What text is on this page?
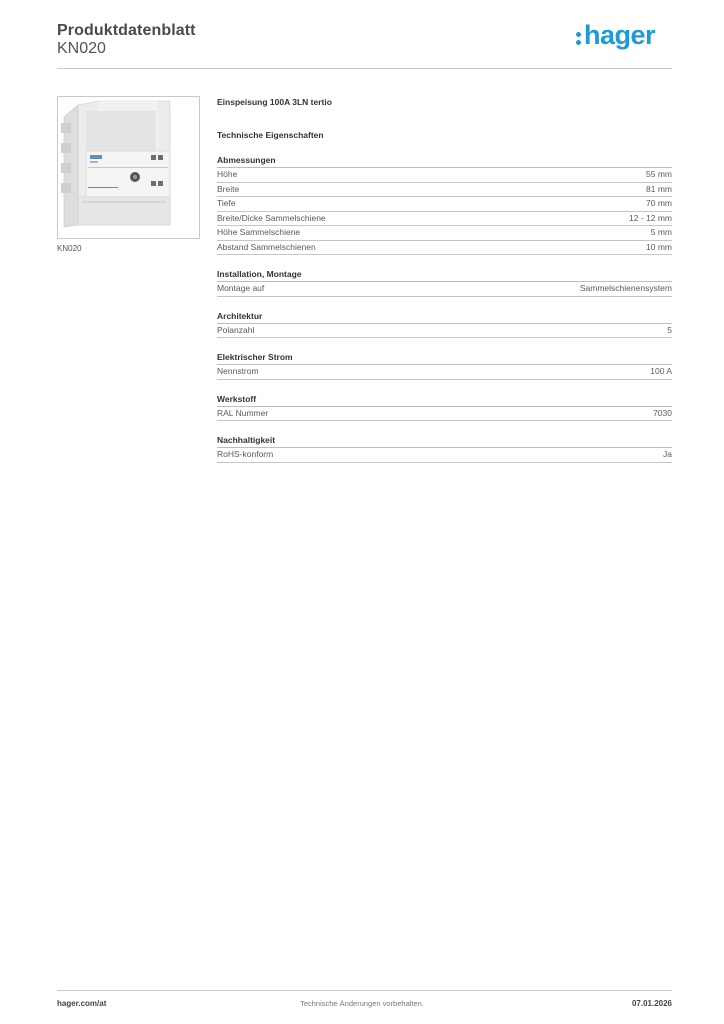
Produktdatenblatt
KN020	hager
KN020
Einspeisung 100A 3LN tertio
Technische Eigenschaften
Abmessungen
Höhe	55 mm
Breite	81 mm
Tiefe	70 mm
Breite/Dicke Sammelschiene	12 - 12 mm
Höhe Sammelschiene	5 mm
Abstand Sammelschienen	10 mm
Installation, Montage
Montage auf	Sammelschienensystem
Architektur
Polanzahl	5
Elektrischer Strom
Nennstrom	100 A
Werkstoff
RAL Nummer	7030
Nachhaltigkeit
RoHS-konform	Ja
hager.com/at	Technische Änderungen vorbehalten.	07.01.2026
